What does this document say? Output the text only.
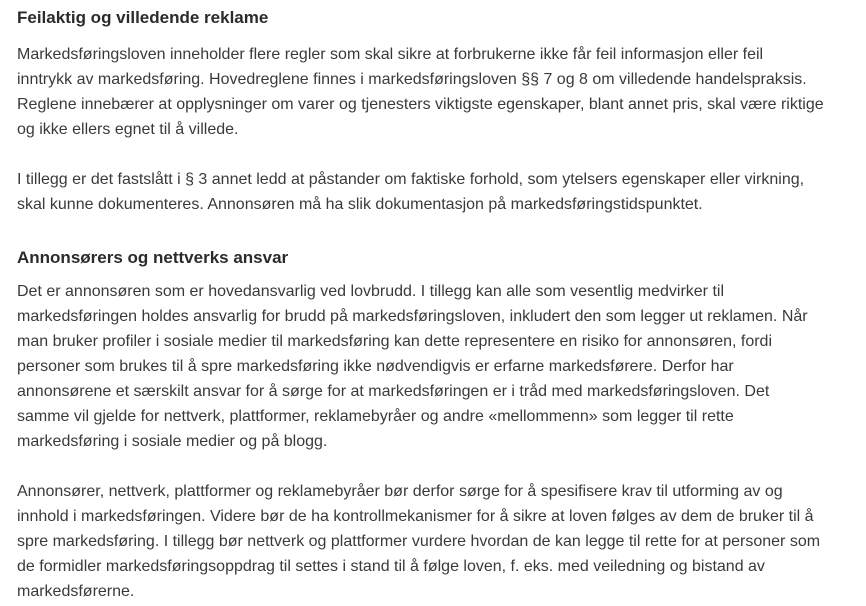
Feilaktig og villedende reklame

Markedsføringsloven inneholder flere regler som skal sikre at forbrukerne ikke får feil informasjon eller feil
inntrykk av markedsføring. Hovedreglene finnes i markedsføringsloven §§ 7 og 8 om villedende handelspraksis.
Reglene innebærer at opplysninger om varer og tjenesters viktigste egenskaper, blant annet pris, skal være riktige
og ikke ellers egnet til å villede.

I tillegg er det fastslått i § 3 annet ledd at påstander om faktiske forhold, som ytelsers egenskaper eller virkning,
skal kunne dokumenteres. Annonsøren må ha slik dokumentasjon på markedsføringstidspunktet.

Annonsørers og nettverks ansvar

Det er annonsøren som er hovedansvarlig ved lovbrudd. I tillegg kan alle som vesentlig medvirker til
markedsføringen holdes ansvarlig for brudd på markedsføringsloven, inkludert den som legger ut reklamen. Når
man bruker profiler i sosiale medier til markedsføring kan dette representere en risiko for annonsøren, fordi
personer som brukes til å spre markedsføring ikke nødvendigvis er erfarne markedsførere. Derfor har
annonsørene et særskilt ansvar for å sørge for at markedsføringen er i tråd med markedsføringsloven. Det
samme vil gjelde for nettverk, plattformer, reklamebyråer og andre «mellommenn» som legger til rette
markedsføring i sosiale medier og på blogg.

Annonsører, nettverk, plattformer og reklamebyråer bør derfor sørge for å spesifisere krav til utforming av og
innhold i markedsføringen. Videre bør de ha kontrollmekanismer for å sikre at loven følges av dem de bruker til å
spre markedsføring. I tillegg bør nettverk og plattformer vurdere hvordan de kan legge til rette for at personer som
de formidler markedsføringsoppdrag til settes i stand til å følge loven, f. eks. med veiledning og bistand av
markedsførerne.
